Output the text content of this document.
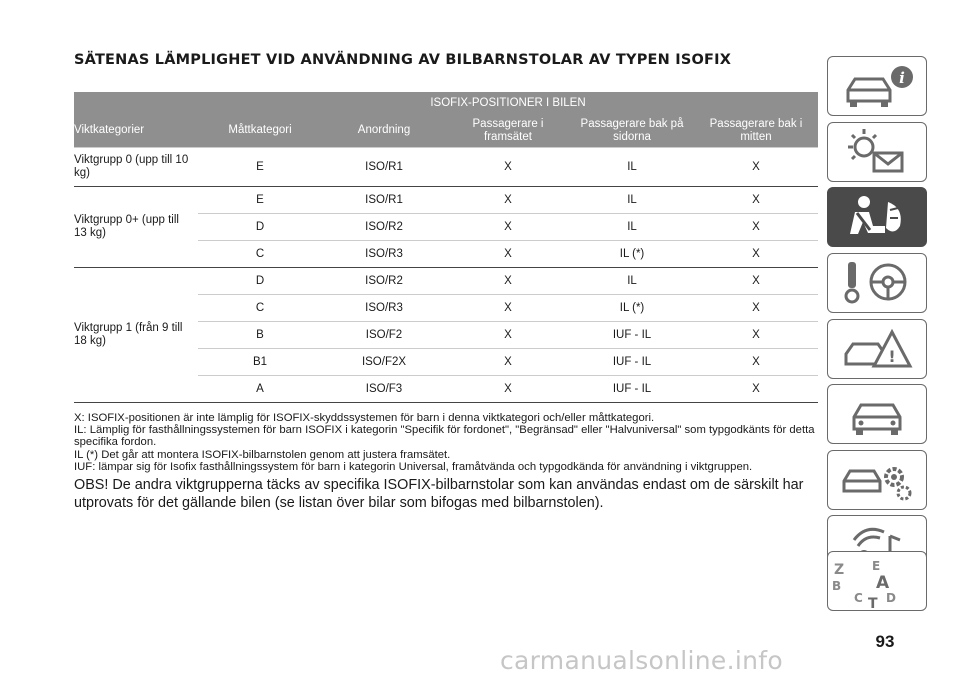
SÄTENAS LÄMPLIGHET VID ANVÄNDNING AV BILBARNSTOLAR AV TYPEN ISOFIX
	ISOFIX-POSITIONER I BILEN				
Viktkategorier	Måttkategori	Anordning	Passagerare i framsätet	Passagerare bak på sidorna	Passagerare bak i mitten
Viktgrupp 0 (upp till 10 kg)	E	ISO/R1	X	IL	X
Viktgrupp 0+ (upp till 13 kg)	E	ISO/R1	X	IL	X
	D	ISO/R2	X	IL	X
	C	ISO/R3	X	IL (*)	X
Viktgrupp 1 (från 9 till 18 kg)	D	ISO/R2	X	IL	X
	C	ISO/R3	X	IL (*)	X
	B	ISO/F2	X	IUF - IL	X
	B1	ISO/F2X	X	IUF - IL	X
	A	ISO/F3	X	IUF - IL	X

X: ISOFIX-positionen är inte lämplig för ISOFIX-skyddssystemen för barn i denna viktkategori och/eller måttkategori.

IL: Lämplig för fasthållningssystemen för barn ISOFIX i kategorin "Specifik för fordonet", "Begränsad" eller "Halvuniversal" som typgodkänts för detta specifika fordon.

IL (*) Det går att montera ISOFIX-bilbarnstolen genom att justera framsätet.

IUF: lämpar sig för Isofix fasthållningssystem för barn i kategorin Universal, framåtvända och typgodkända för användning i viktgruppen.

OBS! De andra viktgrupperna täcks av specifika ISOFIX-bilbarnstolar som kan användas endast om de särskilt har utprovats för det gällande bilen (se listan över bilar som bifogas med bilbarnstolen).

i
!
Z E
A
B
C T D
93
carmanualsonline.info
